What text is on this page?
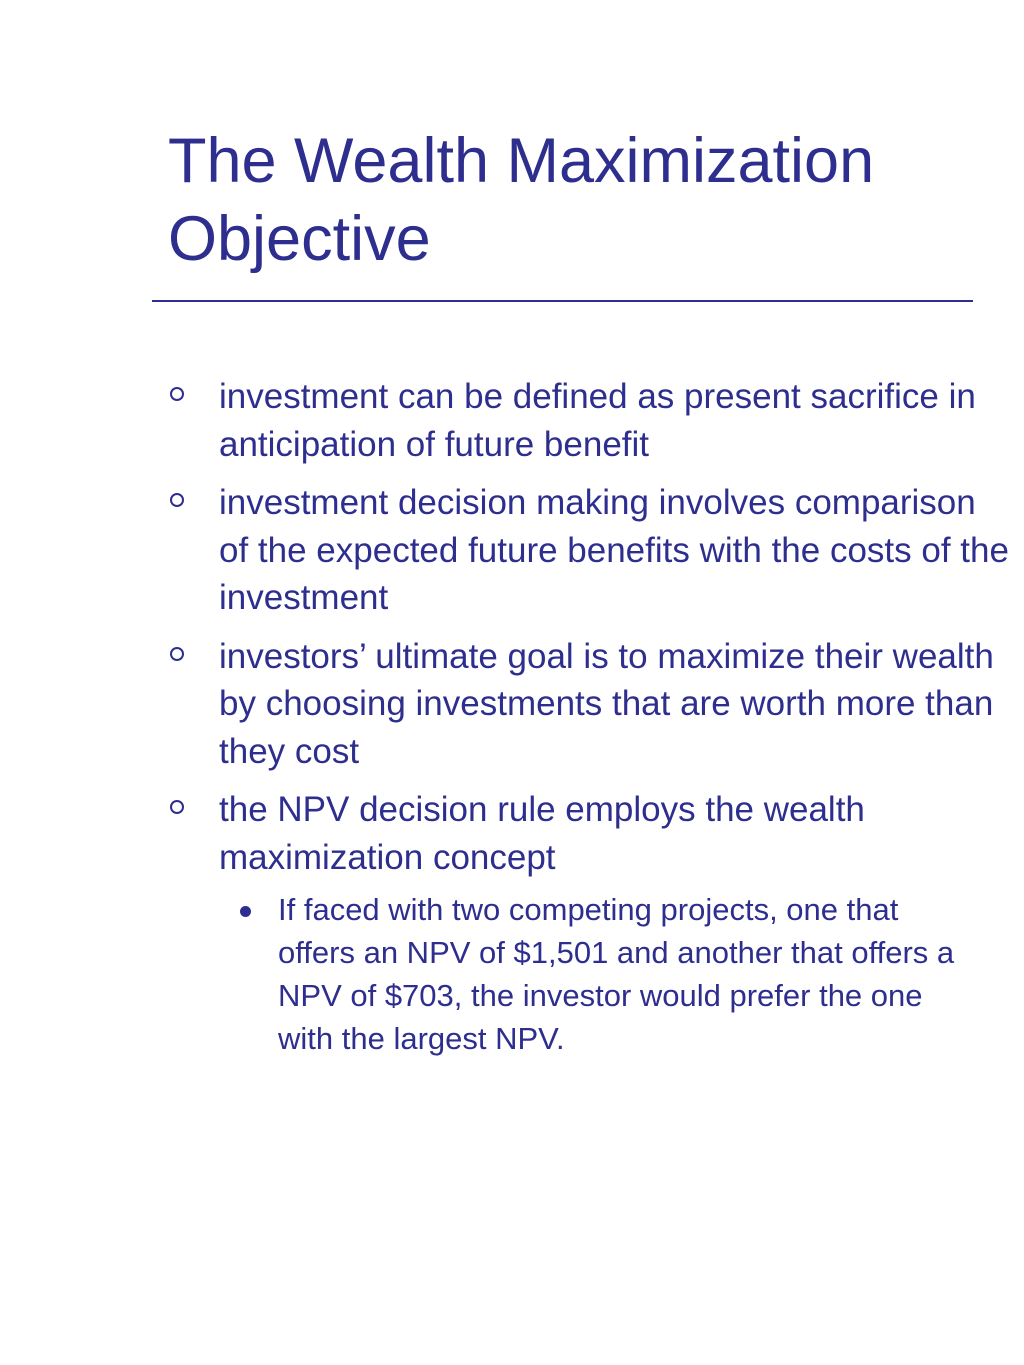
The Wealth Maximization Objective
investment can be defined as present sacrifice in anticipation of future benefit
investment decision making involves comparison of the expected future benefits with the costs of the investment
investors’ ultimate goal is to maximize their wealth by choosing investments that are worth more than they cost
the NPV decision rule employs the wealth maximization concept
If faced with two competing projects, one that offers an NPV of $1,501 and another that offers a NPV of $703, the investor would prefer the one with the largest NPV.
